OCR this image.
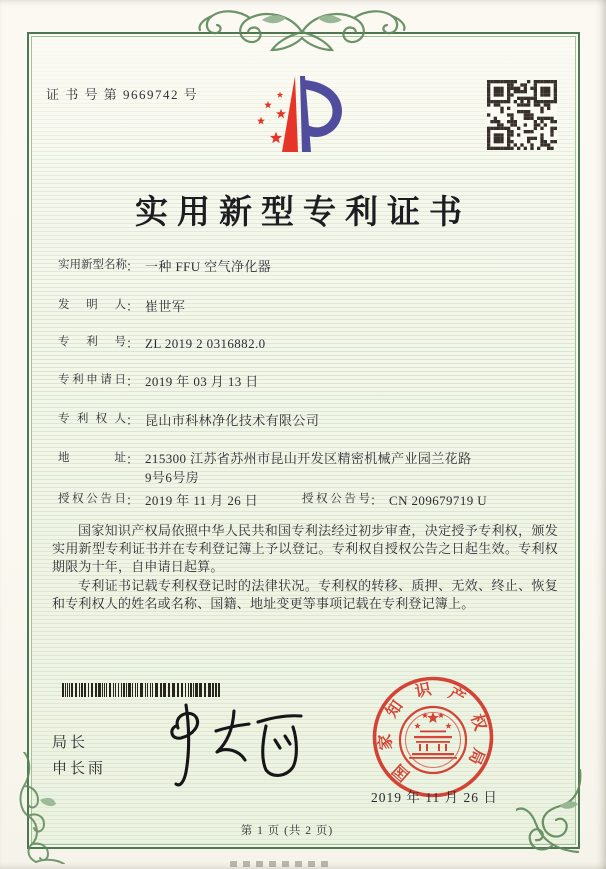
证 书 号 第 9669742 号
实用新型专利证书
实用新型名称： 一种 FFU 空气净化器
发明人： 崔世军
专利号： ZL 2019 2 0316882.0
专利申请日： 2019 年 03 月 13 日
专利权人： 昆山市科林净化技术有限公司
地址： 215300 江苏省苏州市昆山开发区精密机械产业园兰花路9号6号房
授权公告日： 2019 年 11 月 26 日	授权公告号： CN 209679719 U

国家知识产权局依照中华人民共和国专利法经过初步审查，决定授予专利权，颁发实用新型专利证书并在专利登记簿上予以登记。专利权自授权公告之日起生效。专利权期限为十年，自申请日起算。

专利证书记载专利权登记时的法律状况。专利权的转移、质押、无效、终止、恢复和专利权人的姓名或名称、国籍、地址变更等事项记载在专利登记簿上。

局长
申长雨	国
家
知
识 产
权
局
2019 年 11 月 26 日
第 1 页 (共 2 页)
